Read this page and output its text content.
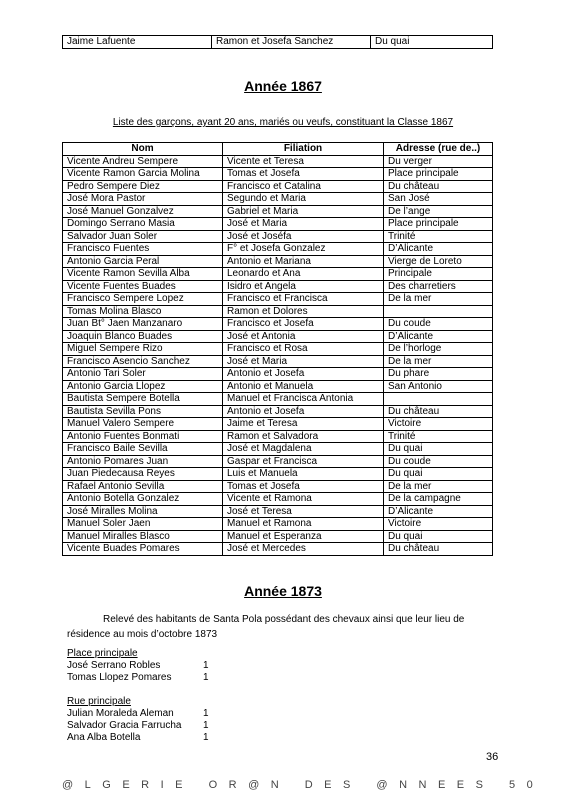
Jaime Lafuente	Ramon et Josefa Sanchez	Du quai
Année 1867
Liste des garçons, ayant 20 ans, mariés ou veufs, constituant la Classe 1867
Nom	Filiation	Adresse (rue de..)
Vicente Andreu Sempere	Vicente et Teresa	Du verger
Vicente Ramon Garcia Molina	Tomas et Josefa	Place principale
Pedro Sempere Diez	Francisco et Catalina	Du château
José Mora Pastor	Segundo et Maria	San José
José Manuel Gonzalvez	Gabriel et Maria	De l’ange
Domingo Serrano Masia	José et Maria	Place principale
Salvador Juan Soler	José et Joséfa	Trinité
Francisco Fuentes	F° et Josefa Gonzalez	D’Alicante
Antonio Garcia Peral	Antonio et Mariana	Vierge de Loreto
Vicente Ramon Sevilla Alba	Leonardo et Ana	Principale
Vicente Fuentes Buades	Isidro et Angela	Des charretiers
Francisco Sempere Lopez	Francisco et Francisca	De la mer
Tomas Molina Blasco	Ramon et Dolores	
Juan Bt° Jaen Manzanaro	Francisco et Josefa	Du coude
Joaquin Blanco Buades	José et Antonia	D’Alicante
Miguel Sempere Rizo	Francisco et Rosa	De l’horloge
Francisco Asencio Sanchez	José et Maria	De la mer
Antonio Tari Soler	Antonio et Josefa	Du phare
Antonio Garcia Llopez	Antonio et Manuela	San Antonio
Bautista Sempere Botella	Manuel et Francisca Antonia	
Bautista Sevilla Pons	Antonio et Josefa	Du château
Manuel Valero Sempere	Jaime et Teresa	Victoire
Antonio Fuentes Bonmati	Ramon et Salvadora	Trinité
Francisco Baile Sevilla	José et Magdalena	Du quai
Antonio Pomares Juan	Gaspar et Francisca	Du coude
Juan Piedecausa Reyes	Luis et Manuela	Du quai
Rafael Antonio Sevilla	Tomas et Josefa	De la mer
Antonio Botella Gonzalez	Vicente et Ramona	De la campagne
José Miralles Molina	José et Teresa	D’Alicante
Manuel Soler Jaen	Manuel et Ramona	Victoire
Manuel Miralles Blasco	Manuel et Esperanza	Du quai
Vicente Buades Pomares	José et Mercedes	Du château
Année 1873
Relevé des habitants de Santa Pola possédant des chevaux ainsi que leur lieu de
résidence au mois d’octobre 1873
Place principale
José Serrano Robles	1
Tomas Llopez Pomares	1
Rue principale
Julian Moraleda Aleman	1
Salvador Gracia Farrucha	1
Ana Alba Botella	1
36
@LGERIE OR@N DES @NNEES 50
